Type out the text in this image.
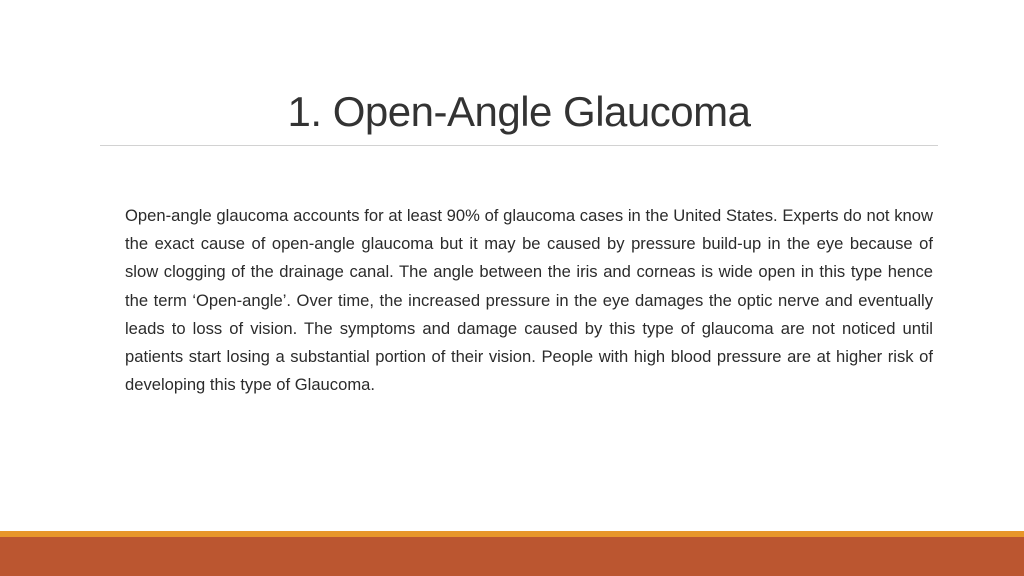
1. Open-Angle Glaucoma

Open-angle glaucoma accounts for at least 90% of glaucoma cases in the United States. Experts do not know the exact cause of open-angle glaucoma but it may be caused by pressure build-up in the eye because of slow clogging of the drainage canal. The angle between the iris and corneas is wide open in this type hence the term ‘Open-angle’. Over time, the increased pressure in the eye damages the optic nerve and eventually leads to loss of vision. The symptoms and damage caused by this type of glaucoma are not noticed until patients start losing a substantial portion of their vision. People with high blood pressure are at higher risk of developing this type of Glaucoma.
